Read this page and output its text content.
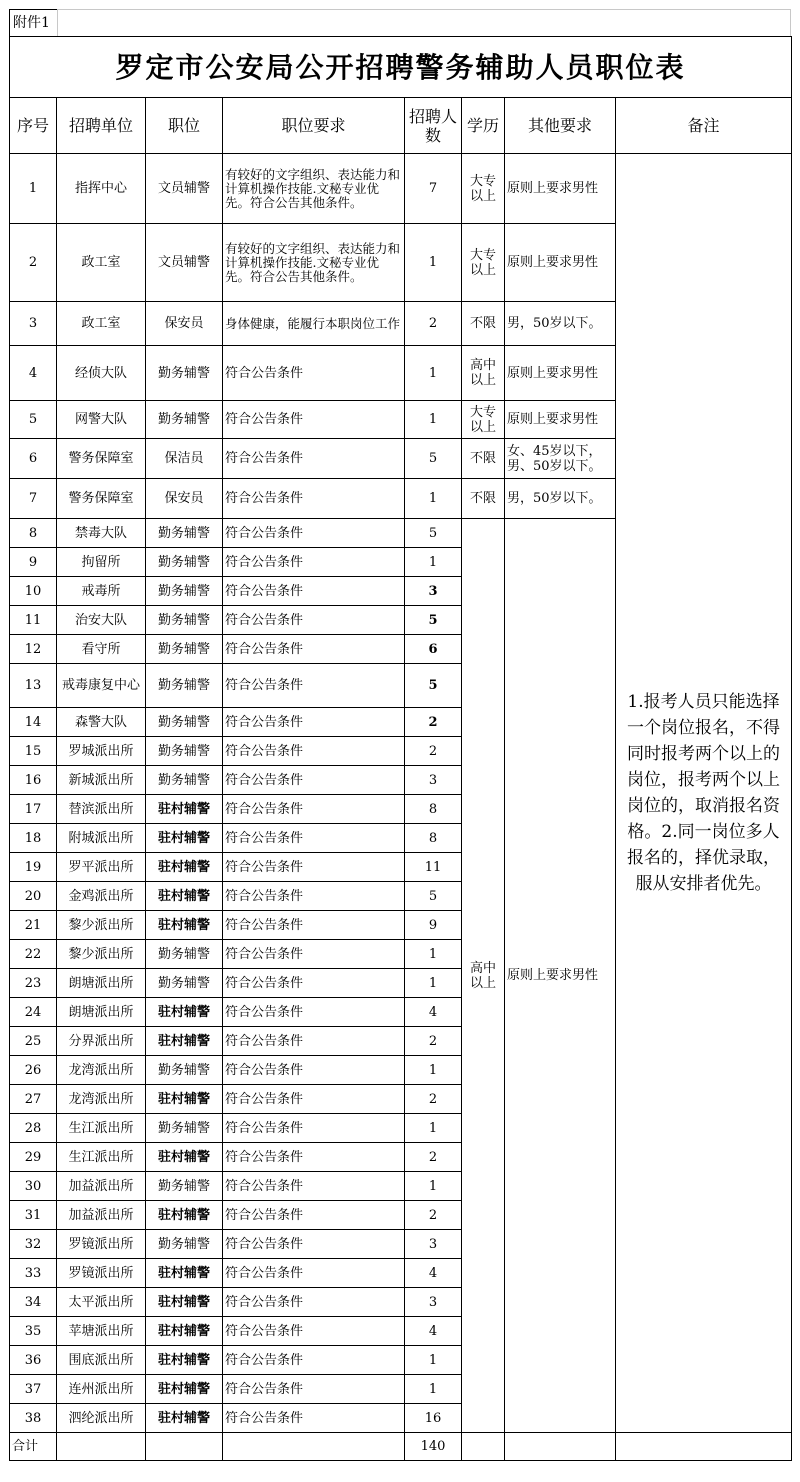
附件1
罗定市公安局公开招聘警务辅助人员职位表							
序号	招聘单位	职位	职位要求	招聘人数	学历	其他要求	备注
1	指挥中心	文员辅警	有较好的文字组织、表达能力和计算机操作技能.文秘专业优先。符合公告其他条件。	7	大专以上	原则上要求男性	1.报考人员只能选择一个岗位报名，不得同时报考两个以上的岗位，报考两个以上岗位的，取消报名资格。2.同一岗位多人报名的，择优录取，服从安排者优先。
2	政工室	文员辅警	有较好的文字组织、表达能力和计算机操作技能.文秘专业优先。符合公告其他条件。	1	大专以上	原则上要求男性	
3	政工室	保安员	身体健康，能履行本职岗位工作	2	不限	男，50岁以下。	
4	经侦大队	勤务辅警	符合公告条件	1	高中以上	原则上要求男性	
5	网警大队	勤务辅警	符合公告条件	1	大专以上	原则上要求男性	
6	警务保障室	保洁员	符合公告条件	5	不限	女、45岁以下，男、50岁以下。	
7	警务保障室	保安员	符合公告条件	1	不限	男，50岁以下。	
8	禁毒大队	勤务辅警	符合公告条件	5	高中以上	原则上要求男性	
9	拘留所	勤务辅警	符合公告条件	1			
10	戒毒所	勤务辅警	符合公告条件	3			
11	治安大队	勤务辅警	符合公告条件	5			
12	看守所	勤务辅警	符合公告条件	6			
13	戒毒康复中心	勤务辅警	符合公告条件	5			
14	森警大队	勤务辅警	符合公告条件	2			
15	罗城派出所	勤务辅警	符合公告条件	2			
16	新城派出所	勤务辅警	符合公告条件	3			
17	替滨派出所	驻村辅警	符合公告条件	8			
18	附城派出所	驻村辅警	符合公告条件	8			
19	罗平派出所	驻村辅警	符合公告条件	11			
20	金鸡派出所	驻村辅警	符合公告条件	5			
21	黎少派出所	驻村辅警	符合公告条件	9			
22	黎少派出所	勤务辅警	符合公告条件	1			
23	朗塘派出所	勤务辅警	符合公告条件	1			
24	朗塘派出所	驻村辅警	符合公告条件	4			
25	分界派出所	驻村辅警	符合公告条件	2			
26	龙湾派出所	勤务辅警	符合公告条件	1			
27	龙湾派出所	驻村辅警	符合公告条件	2			
28	生江派出所	勤务辅警	符合公告条件	1			
29	生江派出所	驻村辅警	符合公告条件	2			
30	加益派出所	勤务辅警	符合公告条件	1			
31	加益派出所	驻村辅警	符合公告条件	2			
32	罗镜派出所	勤务辅警	符合公告条件	3			
33	罗镜派出所	驻村辅警	符合公告条件	4			
34	太平派出所	驻村辅警	符合公告条件	3			
35	苹塘派出所	驻村辅警	符合公告条件	4			
36	围底派出所	驻村辅警	符合公告条件	1			
37	连州派出所	驻村辅警	符合公告条件	1			
38	泗纶派出所	驻村辅警	符合公告条件	16			
合计				140			
